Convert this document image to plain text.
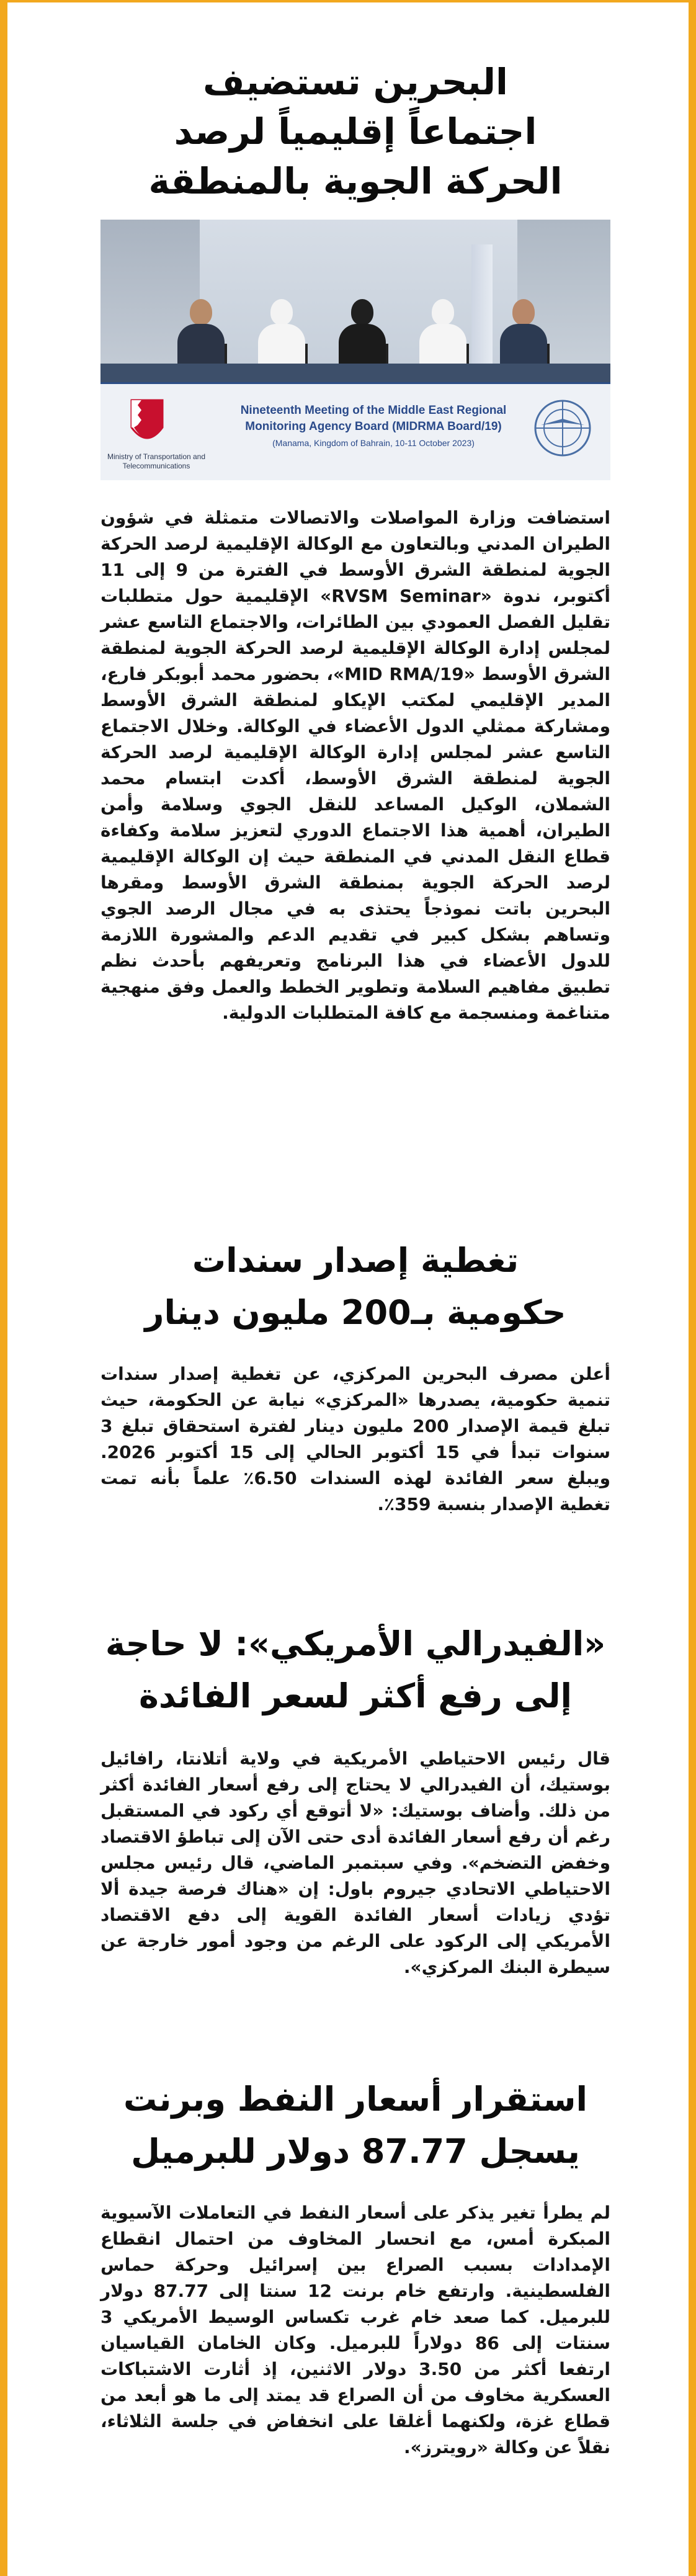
البحرين تستضيف
اجتماعاً إقليمياً لرصد
الحركة الجوية بالمنطقة
Ministry of Transportation and Telecommunications
Nineteenth Meeting of the Middle East Regional Monitoring Agency Board (MIDRMA Board/19)
(Manama, Kingdom of Bahrain, 10-11 October 2023)

استضافت وزارة المواصلات والاتصالات متمثلة في شؤون الطيران المدني وبالتعاون مع الوكالة الإقليمية لرصد الحركة الجوية لمنطقة الشرق الأوسط في الفترة من 9 إلى 11 أكتوبر، ندوة «RVSM Seminar» الإقليمية حول متطلبات تقليل الفصل العمودي بين الطائرات، والاجتماع التاسع عشر لمجلس إدارة الوكالة الإقليمية لرصد الحركة الجوية لمنطقة الشرق الأوسط «19/MID RMA»، بحضور محمد أبوبكر فارع، المدير الإقليمي لمكتب الإيكاو لمنطقة الشرق الأوسط ومشاركة ممثلي الدول الأعضاء في الوكالة. وخلال الاجتماع التاسع عشر لمجلس إدارة الوكالة الإقليمية لرصد الحركة الجوية لمنطقة الشرق الأوسط، أكدت ابتسام محمد الشملان، الوكيل المساعد للنقل الجوي وسلامة وأمن الطيران، أهمية هذا الاجتماع الدوري لتعزيز سلامة وكفاءة قطاع النقل المدني في المنطقة حيث إن الوكالة الإقليمية لرصد الحركة الجوية بمنطقة الشرق الأوسط ومقرها البحرين باتت نموذجاً يحتذى به في مجال الرصد الجوي وتساهم بشكل كبير في تقديم الدعم والمشورة اللازمة للدول الأعضاء في هذا البرنامج وتعريفهم بأحدث نظم تطبيق مفاهيم السلامة وتطوير الخطط والعمل وفق منهجية متناغمة ومنسجمة مع كافة المتطلبات الدولية.

تغطية إصدار سندات
حكومية بـ200 مليون دينار

أعلن مصرف البحرين المركزي، عن تغطية إصدار سندات تنمية حكومية، يصدرها «المركزي» نيابة عن الحكومة، حيث تبلغ قيمة الإصدار 200 مليون دينار لفترة استحقاق تبلغ 3 سنوات تبدأ في 15 أكتوبر الحالي إلى 15 أكتوبر 2026. ويبلغ سعر الفائدة لهذه السندات 6.50٪ علماً بأنه تمت تغطية الإصدار بنسبة 359٪.

«الفيدرالي الأمريكي»: لا حاجة
إلى رفع أكثر لسعر الفائدة

قال رئيس الاحتياطي الأمريكية في ولاية أتلانتا، رافائيل بوستيك، أن الفيدرالي لا يحتاج إلى رفع أسعار الفائدة أكثر من ذلك. وأضاف بوستيك: «لا أتوقع أي ركود في المستقبل رغم أن رفع أسعار الفائدة أدى حتى الآن إلى تباطؤ الاقتصاد وخفض التضخم». وفي سبتمبر الماضي، قال رئيس مجلس الاحتياطي الاتحادي جيروم باول: إن «هناك فرصة جيدة ألا تؤدي زيادات أسعار الفائدة القوية إلى دفع الاقتصاد الأمريكي إلى الركود على الرغم من وجود أمور خارجة عن سيطرة البنك المركزي».

استقرار أسعار النفط وبرنت
يسجل 87.77 دولار للبرميل

لم يطرأ تغير يذكر على أسعار النفط في التعاملات الآسيوية المبكرة أمس، مع انحسار المخاوف من احتمال انقطاع الإمدادات بسبب الصراع بين إسرائيل وحركة حماس الفلسطينية. وارتفع خام برنت 12 سنتا إلى 87.77 دولار للبرميل. كما صعد خام غرب تكساس الوسيط الأمريكي 3 سنتات إلى 86 دولاراً للبرميل. وكان الخامان القياسيان ارتفعا أكثر من 3.50 دولار الاثنين، إذ أثارت الاشتباكات العسكرية مخاوف من أن الصراع قد يمتد إلى ما هو أبعد من قطاع غزة، ولكنهما أغلقا على انخفاض في جلسة الثلاثاء، نقلاً عن وكالة «رويترز».
